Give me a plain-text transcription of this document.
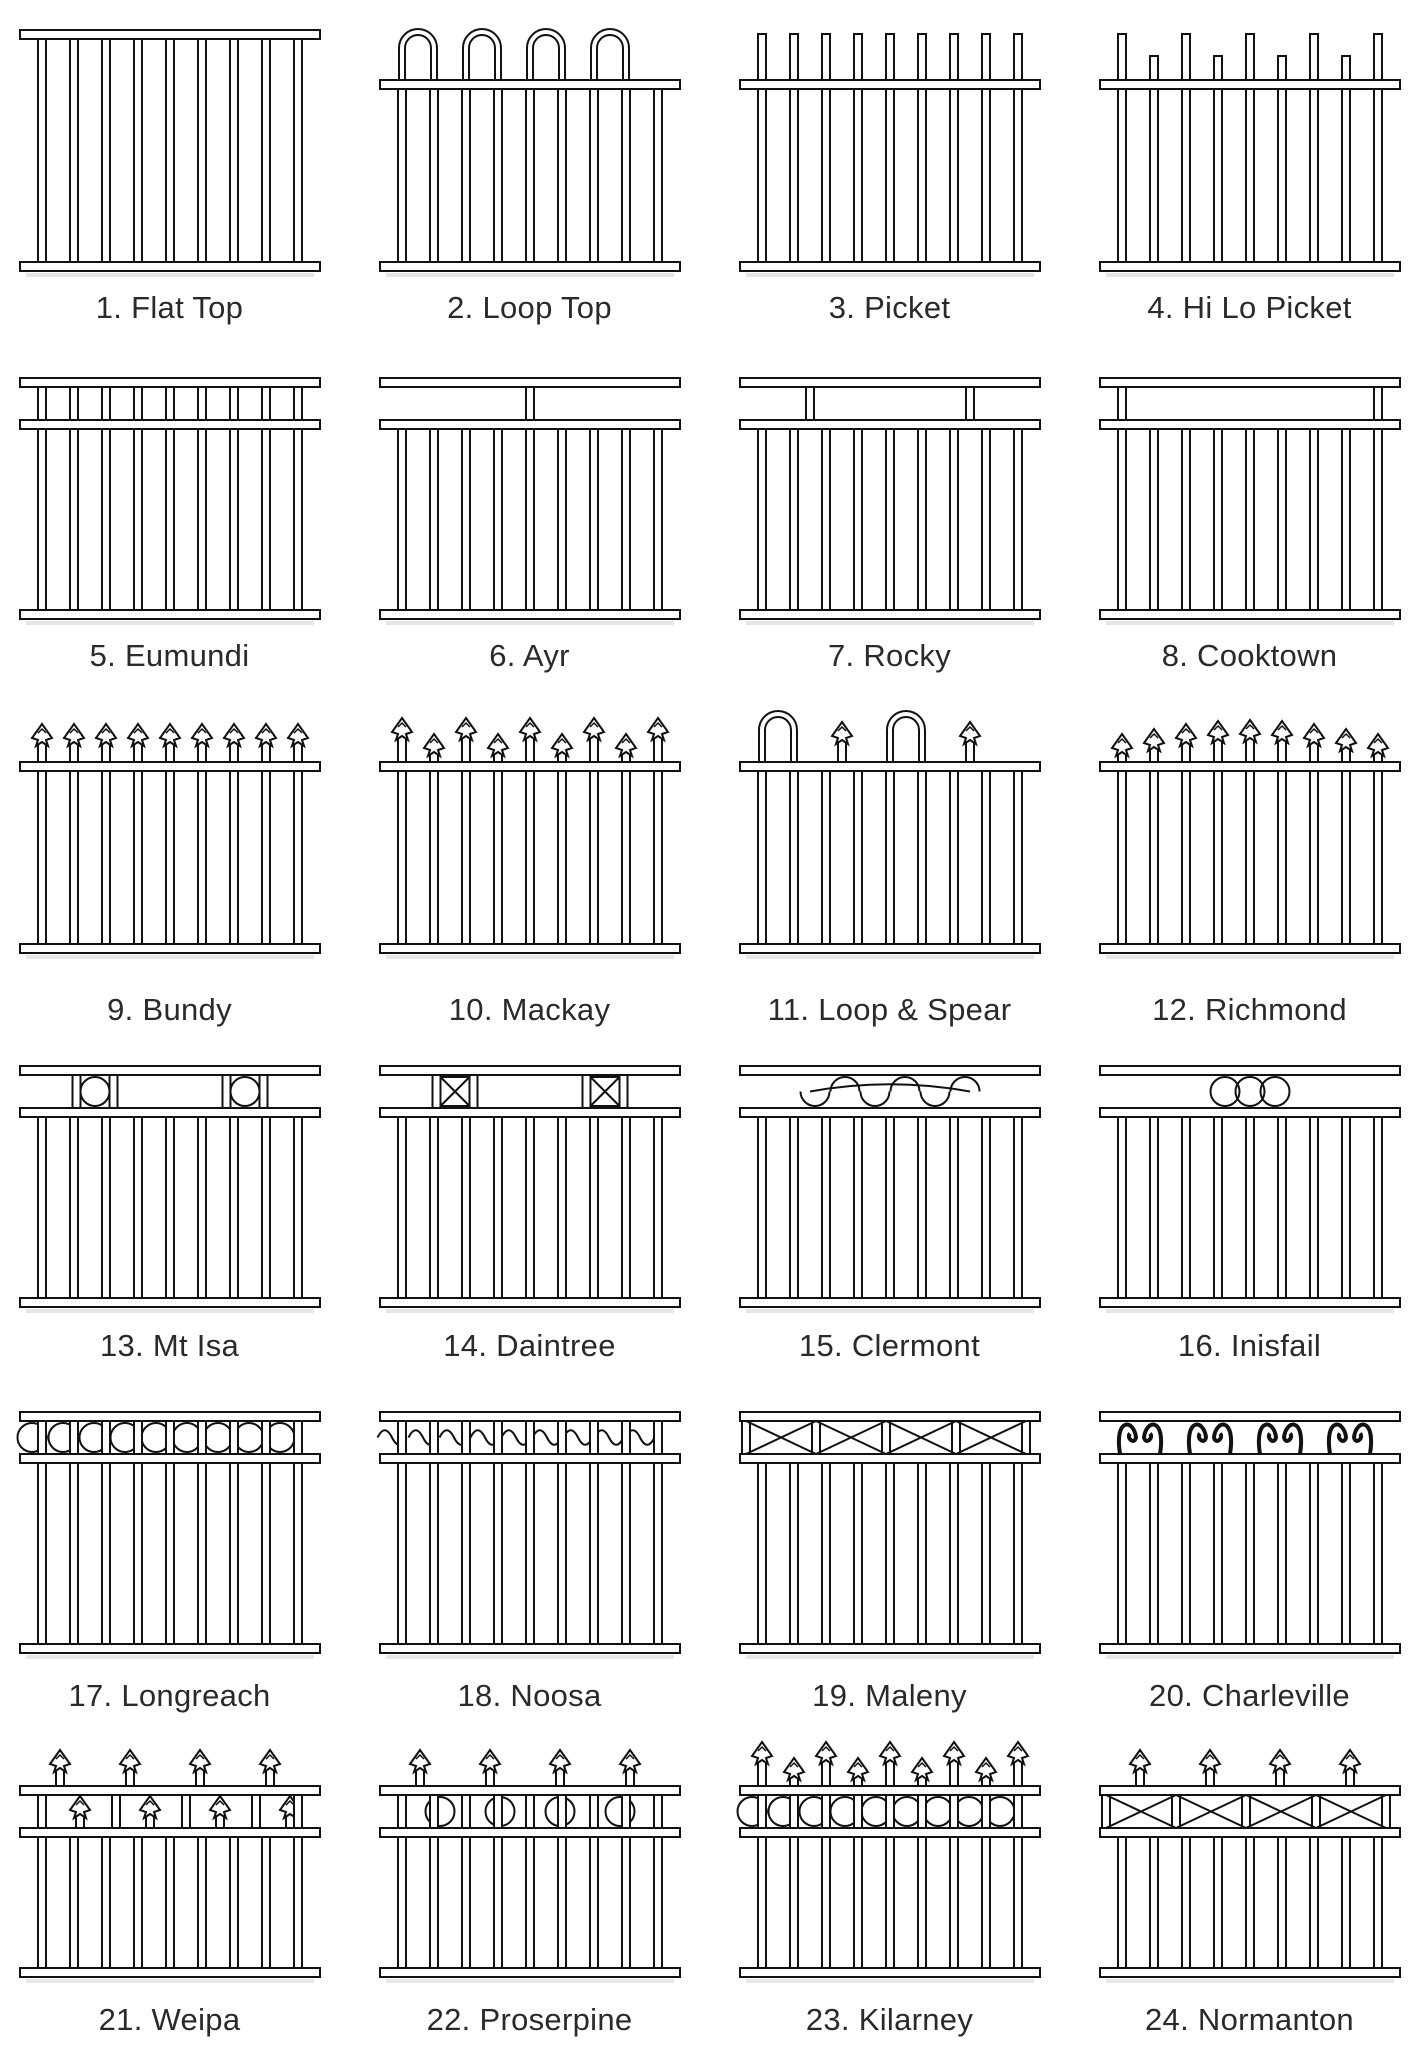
1. Flat Top	2. Loop Top	3. Picket	4. Hi Lo Picket
5. Eumundi	6. Ayr	7. Rocky	8. Cooktown
9. Bundy	10. Mackay	11. Loop & Spear	12. Richmond
13. Mt Isa	14. Daintree	15. Clermont	16. Inisfail
17. Longreach	18. Noosa	19. Maleny	20. Charleville
21. Weipa	22. Proserpine	23. Kilarney	24. Normanton
